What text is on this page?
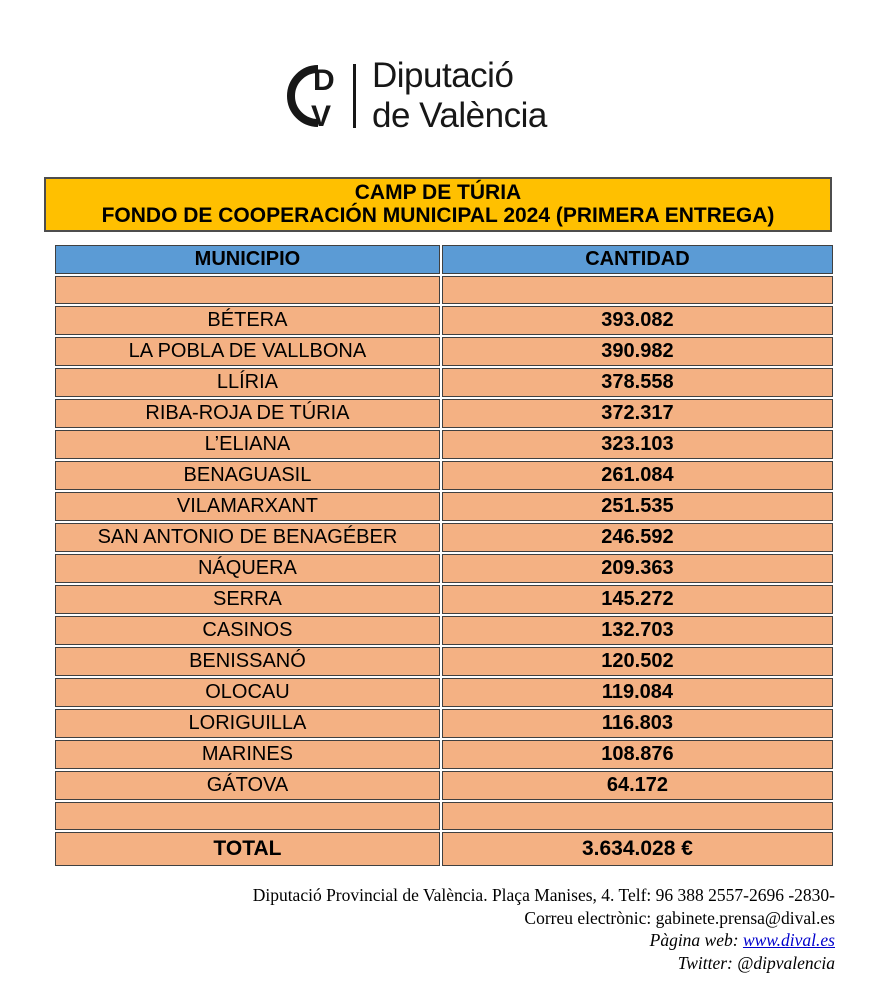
D
V
Diputació
de València
CAMP DE TÚRIA
FONDO DE COOPERACIÓN MUNICIPAL 2024 (PRIMERA ENTREGA)
MUNICIPIO	CANTIDAD

BÉTERA	393.082
LA POBLA DE VALLBONA	390.982
LLÍRIA	378.558
RIBA-ROJA DE TÚRIA	372.317
L’ELIANA	323.103
BENAGUASIL	261.084
VILAMARXANT	251.535
SAN ANTONIO DE BENAGÉBER	246.592
NÁQUERA	209.363
SERRA	145.272
CASINOS	132.703
BENISSANÓ	120.502
OLOCAU	119.084
LORIGUILLA	116.803
MARINES	108.876
GÁTOVA	64.172

TOTAL	3.634.028 €
Diputació Provincial de València. Plaça Manises, 4. Telf: 96 388 2557-2696 -2830-
Correu electrònic: gabinete.prensa@dival.es
Pàgina web: www.dival.es
Twitter: @dipvalencia
